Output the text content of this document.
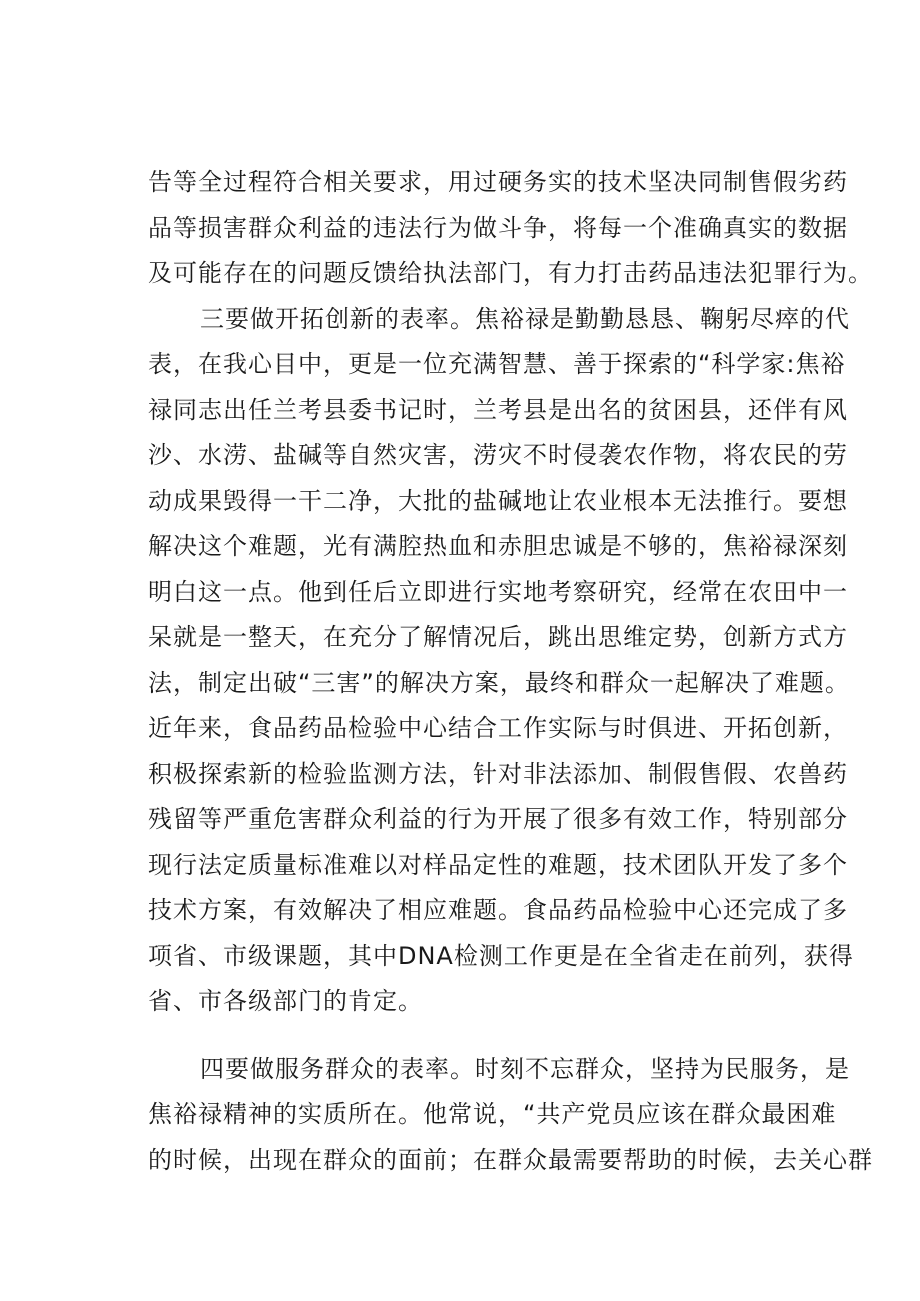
告等全过程符合相关要求，用过硬务实的技术坚决同制售假劣药
品等损害群众利益的违法行为做斗争，将每一个准确真实的数据
及可能存在的问题反馈给执法部门，有力打击药品违法犯罪行为。
三要做开拓创新的表率。焦裕禄是勤勤恳恳、鞠躬尽瘁的代
表，在我心目中，更是一位充满智慧、善于探索的“科学家:焦裕
禄同志出任兰考县委书记时，兰考县是出名的贫困县，还伴有风
沙、水涝、盐碱等自然灾害，涝灾不时侵袭农作物，将农民的劳
动成果毁得一干二净，大批的盐碱地让农业根本无法推行。要想
解决这个难题，光有满腔热血和赤胆忠诚是不够的，焦裕禄深刻
明白这一点。他到任后立即进行实地考察研究，经常在农田中一
呆就是一整天，在充分了解情况后，跳出思维定势，创新方式方
法，制定出破“三害”的解决方案，最终和群众一起解决了难题。
近年来，食品药品检验中心结合工作实际与时俱进、开拓创新，
积极探索新的检验监测方法，针对非法添加、制假售假、农兽药
残留等严重危害群众利益的行为开展了很多有效工作，特别部分
现行法定质量标准难以对样品定性的难题，技术团队开发了多个
技术方案，有效解决了相应难题。食品药品检验中心还完成了多
项省、市级课题，其中DNA检测工作更是在全省走在前列，获得
省、市各级部门的肯定。
四要做服务群众的表率。时刻不忘群众，坚持为民服务，是
焦裕禄精神的实质所在。他常说，“共产党员应该在群众最困难
的时候，出现在群众的面前；在群众最需要帮助的时候，去关心群
